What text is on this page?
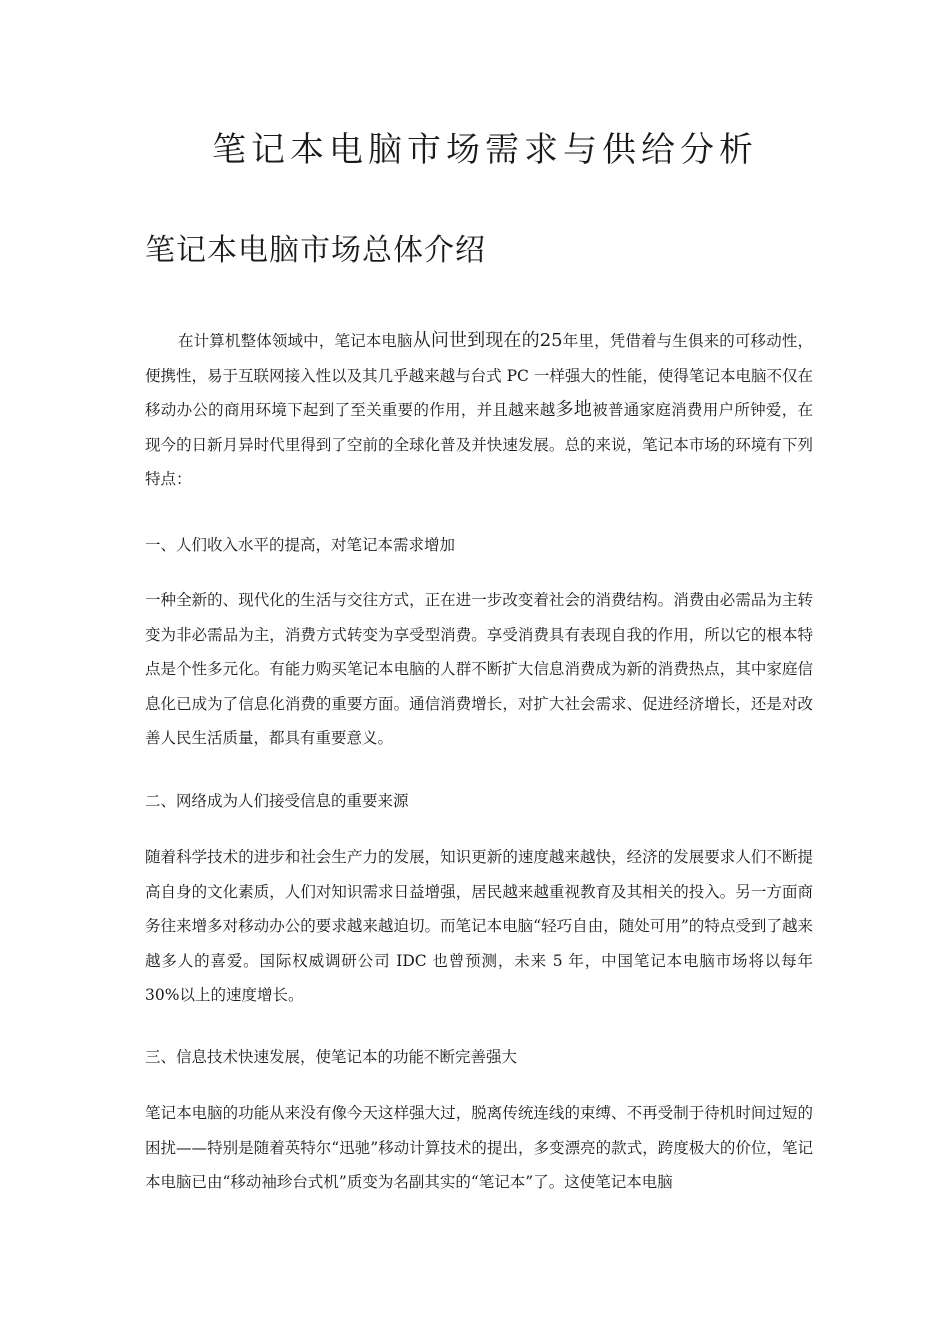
笔记本电脑市场需求与供给分析
笔记本电脑市场总体介绍

在计算机整体领域中，笔记本电脑从问世到现在的25年里，凭借着与生俱来的可移动性，便携性，易于互联网接入性以及其几乎越来越与台式 PC 一样强大的性能，使得笔记本电脑不仅在移动办公的商用环境下起到了至关重要的作用，并且越来越多地被普通家庭消费用户所钟爱，在现今的日新月异时代里得到了空前的全球化普及并快速发展。总的来说，笔记本市场的环境有下列特点：

一、人们收入水平的提高，对笔记本需求增加

一种全新的、现代化的生活与交往方式，正在进一步改变着社会的消费结构。消费由必需品为主转变为非必需品为主，消费方式转变为享受型消费。享受消费具有表现自我的作用，所以它的根本特点是个性多元化。有能力购买笔记本电脑的人群不断扩大信息消费成为新的消费热点，其中家庭信息化已成为了信息化消费的重要方面。通信消费增长，对扩大社会需求、促进经济增长，还是对改善人民生活质量，都具有重要意义。

二、网络成为人们接受信息的重要来源

随着科学技术的进步和社会生产力的发展，知识更新的速度越来越快，经济的发展要求人们不断提高自身的文化素质，人们对知识需求日益增强，居民越来越重视教育及其相关的投入。另一方面商务往来增多对移动办公的要求越来越迫切。而笔记本电脑“轻巧自由，随处可用”的特点受到了越来越多人的喜爱。国际权威调研公司 IDC 也曾预测，未来 5 年，中国笔记本电脑市场将以每年 30%以上的速度增长。

三、信息技术快速发展，使笔记本的功能不断完善强大

笔记本电脑的功能从来没有像今天这样强大过，脱离传统连线的束缚、不再受制于待机时间过短的困扰——特别是随着英特尔“迅驰”移动计算技术的提出，多变漂亮的款式，跨度极大的价位，笔记本电脑已由“移动袖珍台式机”质变为名副其实的“笔记本”了。这使笔记本电脑
